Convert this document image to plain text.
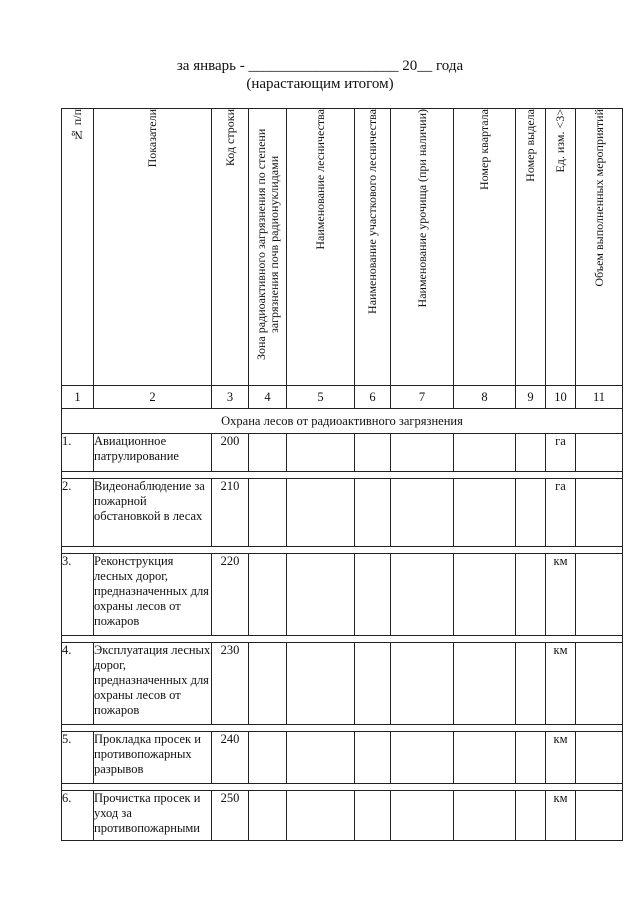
за январь - ____________________ 20__ года
(нарастающим итогом)
№ п/п	Показатели	Код строки	Зона радиоактивного загрязнения по степени загрязнения почв радионуклидами	Наименование лесничества	Наименование участкового лесничества	Наименование урочища (при наличии)	Номер квартала	Номер выдела	Ед. изм. <3>	Объем выполненных мероприятий

1	2	3	4	5	6	7	8	9	10	11
Охрана лесов от радиоактивного загрязнения										
1.	Авиационное патрулирование	200							га	

2.	Видеонаблюдение за пожарной обстановкой в лесах	210							га	

3.	Реконструкция лесных дорог, предназначенных для охраны лесов от пожаров	220							км	

4.	Эксплуатация лесных дорог, предназначенных для охраны лесов от пожаров	230							км	

5.	Прокладка просек и противопожарных разрывов	240							км	

6.	Прочистка просек и уход за противопожарными	250							км	
